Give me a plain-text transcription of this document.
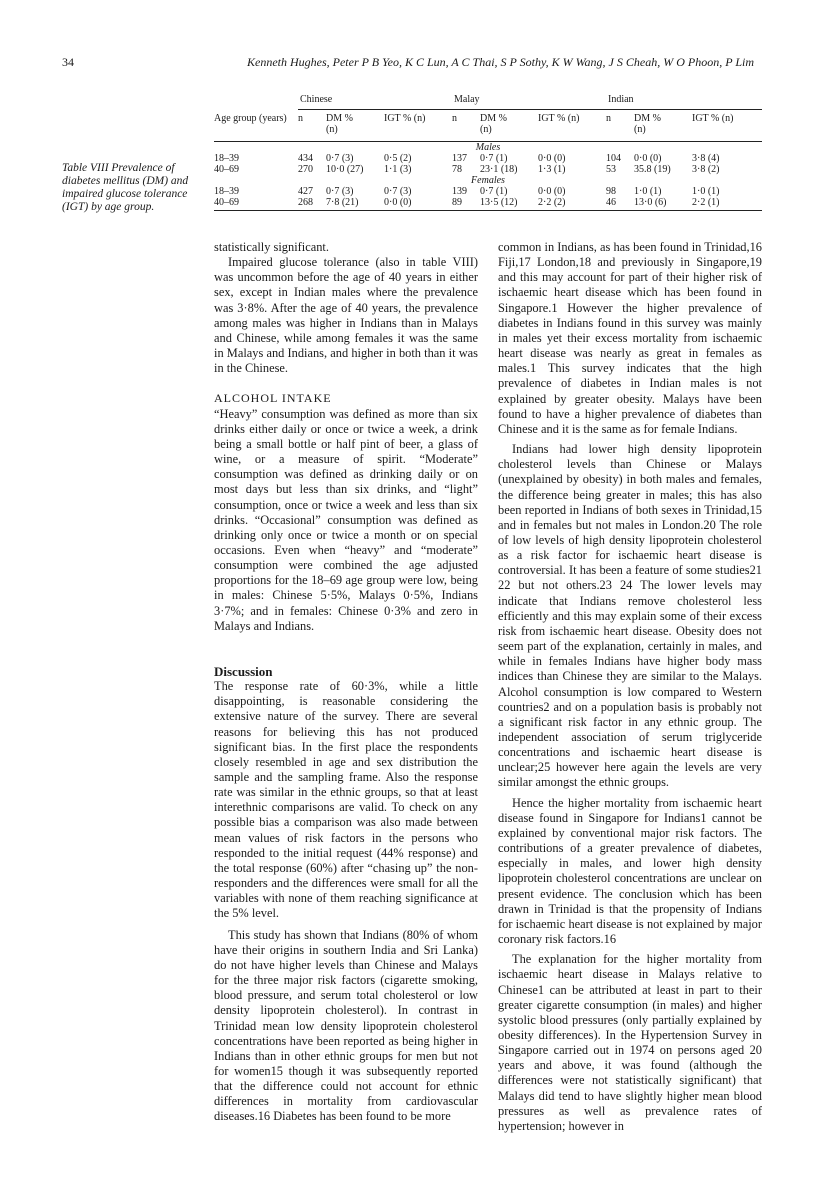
34	Kenneth Hughes, Peter P B Yeo, K C Lun, A C Thai, S P Sothy, K W Wang, J S Cheah, W O Phoon, P Lim
Table VIII Prevalence of diabetes mellitus (DM) and impaired glucose tolerance (IGT) by age group.
	Chinese			Malay			Indian		
Age group (years)	n	DM % (n)	IGT % (n)	n	DM % (n)	IGT % (n)	n	DM % (n)	IGT % (n)
Males									
18–39	434	0·7 (3)	0·5 (2)	137	0·7 (1)	0·0 (0)	104	0·0 (0)	3·8 (4)
40–69	270	10·0 (27)	1·1 (3)	78	23·1 (18)	1·3 (1)	53	35.8 (19)	3·8 (2)
Females									
18–39	427	0·7 (3)	0·7 (3)	139	0·7 (1)	0·0 (0)	98	1·0 (1)	1·0 (1)
40–69	268	7·8 (21)	0·0 (0)	89	13·5 (12)	2·2 (2)	46	13·0 (6)	2·2 (1)

statistically significant.

Impaired glucose tolerance (also in table VIII) was uncommon before the age of 40 years in either sex, except in Indian males where the prevalence was 3·8%. After the age of 40 years, the prevalence among males was higher in Indians than in Malays and Chinese, while among females it was the same in Malays and Indians, and higher in both than it was in the Chinese.

ALCOHOL INTAKE

“Heavy” consumption was defined as more than six drinks either daily or once or twice a week, a drink being a small bottle or half pint of beer, a glass of wine, or a measure of spirit. “Moderate” consumption was defined as drinking daily or on most days but less than six drinks, and “light” consumption, once or twice a week and less than six drinks. “Occasional” consumption was defined as drinking only once or twice a month or on special occasions. Even when “heavy” and “moderate” consumption were combined the age adjusted proportions for the 18–69 age group were low, being in males: Chinese 5·5%, Malays 0·5%, Indians 3·7%; and in females: Chinese 0·3% and zero in Malays and Indians.

Discussion

The response rate of 60·3%, while a little disappointing, is reasonable considering the extensive nature of the survey. There are several reasons for believing this has not produced significant bias. In the first place the respondents closely resembled in age and sex distribution the sample and the sampling frame. Also the response rate was similar in the ethnic groups, so that at least interethnic comparisons are valid. To check on any possible bias a comparison was also made between mean values of risk factors in the persons who responded to the initial request (44% response) and the total response (60%) after “chasing up” the non-responders and the differences were small for all the variables with none of them reaching significance at the 5% level.

This study has shown that Indians (80% of whom have their origins in southern India and Sri Lanka) do not have higher levels than Chinese and Malays for the three major risk factors (cigarette smoking, blood pressure, and serum total cholesterol or low density lipoprotein cholesterol). In contrast in Trinidad mean low density lipoprotein cholesterol concentrations have been reported as being higher in Indians than in other ethnic groups for men but not for women15 though it was subsequently reported that the difference could not account for ethnic differences in mortality from cardiovascular diseases.16 Diabetes has been found to be more

common in Indians, as has been found in Trinidad,16 Fiji,17 London,18 and previously in Singapore,19 and this may account for part of their higher risk of ischaemic heart disease which has been found in Singapore.1 However the higher prevalence of diabetes in Indians found in this survey was mainly in males yet their excess mortality from ischaemic heart disease was nearly as great in females as males.1 This survey indicates that the high prevalence of diabetes in Indian males is not explained by greater obesity. Malays have been found to have a higher prevalence of diabetes than Chinese and it is the same as for female Indians.

Indians had lower high density lipoprotein cholesterol levels than Chinese or Malays (unexplained by obesity) in both males and females, the difference being greater in males; this has also been reported in Indians of both sexes in Trinidad,15 and in females but not males in London.20 The role of low levels of high density lipoprotein cholesterol as a risk factor for ischaemic heart disease is controversial. It has been a feature of some studies21 22 but not others.23 24 The lower levels may indicate that Indians remove cholesterol less efficiently and this may explain some of their excess risk from ischaemic heart disease. Obesity does not seem part of the explanation, certainly in males, and while in females Indians have higher body mass indices than Chinese they are similar to the Malays. Alcohol consumption is low compared to Western countries2 and on a population basis is probably not a significant risk factor in any ethnic group. The independent association of serum triglyceride concentrations and ischaemic heart disease is unclear;25 however here again the levels are very similar amongst the ethnic groups.

Hence the higher mortality from ischaemic heart disease found in Singapore for Indians1 cannot be explained by conventional major risk factors. The contributions of a greater prevalence of diabetes, especially in males, and lower high density lipoprotein cholesterol concentrations are unclear on present evidence. The conclusion which has been drawn in Trinidad is that the propensity of Indians for ischaemic heart disease is not explained by major coronary risk factors.16

The explanation for the higher mortality from ischaemic heart disease in Malays relative to Chinese1 can be attributed at least in part to their greater cigarette consumption (in males) and higher systolic blood pressures (only partially explained by obesity differences). In the Hypertension Survey in Singapore carried out in 1974 on persons aged 20 years and above, it was found (although the differences were not statistically significant) that Malays did tend to have slightly higher mean blood pressures as well as prevalence rates of hypertension; however in
